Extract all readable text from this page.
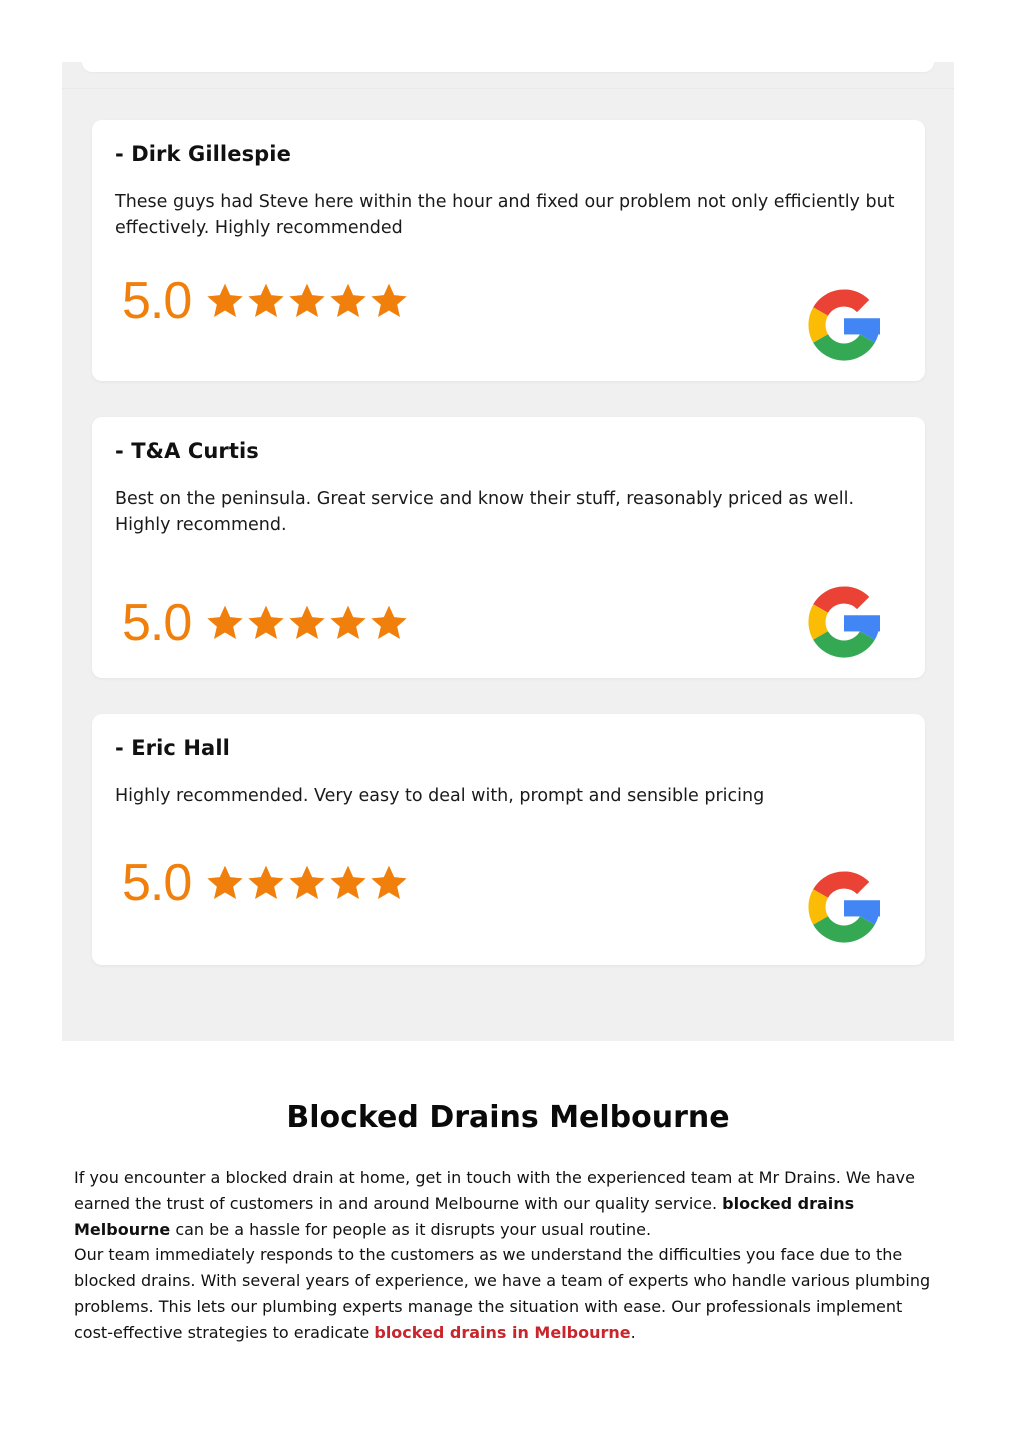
- Dirk Gillespie
These guys had Steve here within the hour and fixed our problem not only efficiently but effectively. Highly recommended
5.0
- T&A Curtis
Best on the peninsula. Great service and know their stuff, reasonably priced as well. Highly recommend.
5.0
- Eric Hall
Highly recommended. Very easy to deal with, prompt and sensible pricing
5.0
Blocked Drains Melbourne

If you encounter a blocked drain at home, get in touch with the experienced team at Mr Drains. We have earned the trust of customers in and around Melbourne with our quality service. blocked drains Melbourne can be a hassle for people as it disrupts your usual routine.

Our team immediately responds to the customers as we understand the difficulties you face due to the blocked drains. With several years of experience, we have a team of experts who handle various plumbing problems. This lets our plumbing experts manage the situation with ease. Our professionals implement cost-effective strategies to eradicate blocked drains in Melbourne.
